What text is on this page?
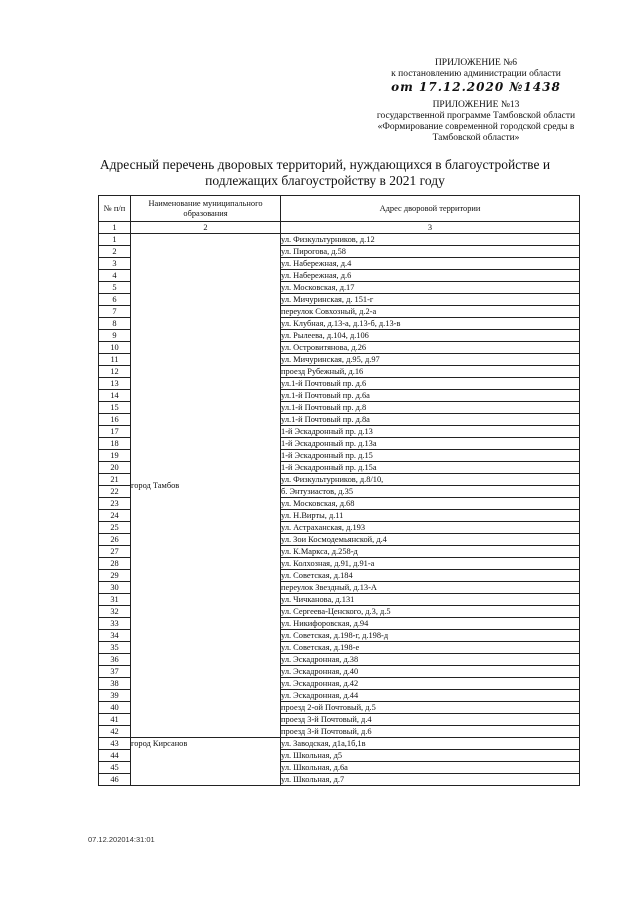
ПРИЛОЖЕНИЕ №6
к постановлению администрации области
от 17.12.2020 №1438
ПРИЛОЖЕНИЕ №13
государственной программе Тамбовской области
«Формирование современной городской среды в
Тамбовской области»
Адресный перечень дворовых территорий, нуждающихся в благоустройстве и
подлежащих благоустройству в 2021 году
№ п/п	Наименование муниципального образования	Адрес дворовой территории
1	2	3
1	город Тамбов	ул. Физкультурников, д.12
2		ул. Пирогова, д.58
3		ул. Набережная, д.4
4		ул. Набережная, д.6
5		ул. Московская, д.17
6		ул. Мичуринская, д. 151-г
7		переулок Совхозный, д.2-а
8		ул. Клубная, д.13-а, д.13-б, д.13-в
9		ул. Рылеева, д.104, д.106
10		ул. Островитянова, д.26
11		ул. Мичуринская, д.95, д.97
12		проезд Рубежный, д.16
13		ул.1-й Почтовый пр. д.6
14		ул.1-й Почтовый пр. д.6а
15		ул.1-й Почтовый пр. д.8
16		ул.1-й Почтовый пр. д.8а
17		1-й Эскадронный пр. д.13
18		1-й Эскадронный пр. д.13а
19		1-й Эскадронный пр. д.15
20		1-й Эскадронный пр. д.15а
21		ул. Физкультурников, д.8/10,
22		б. Энтузиастов, д.35
23		ул. Московская, д.68
24		ул. Н.Вирты, д.11
25		ул. Астраханская, д.193
26		ул. Зои Космодемьянской, д.4
27		ул. К.Маркса, д.258-д
28		ул. Колхозная, д.91, д.91-а
29		ул. Советская, д.184
30		переулок Звездный, д.13-А
31		ул. Чичканова, д.131
32		ул. Сергеева-Ценского, д.3, д.5
33		ул. Никифоровская, д.94
34		ул. Советская, д.198-г, д.198-д
35		ул. Советская, д.198-е
36		ул. Эскадронная, д.38
37		ул. Эскадронная, д.40
38		ул. Эскадронная, д.42
39		ул. Эскадронная, д.44
40		проезд 2-ой Почтовый, д.5
41		проезд 3-й Почтовый, д.4
42		проезд 3-й Почтовый, д.6
43	город Кирсанов	ул. Заводская, д1а,1б,1в
44		ул. Школьная, д5
45		ул. Школьная, д.6а
46		ул. Школьная, д.7
07.12.202014:31:01
